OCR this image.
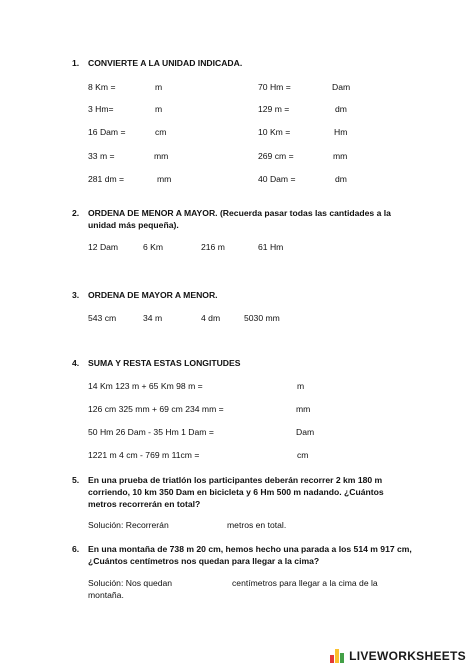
1. CONVIERTE A LA UNIDAD INDICADA.
8 Km =	m	70 Hm =	Dam
3 Hm=	m	129 m =	dm
16 Dam =	cm	10 Km =	Hm
33 m =	mm	269 cm =	mm
281 dm =	mm	40 Dam =	dm
2. ORDENA DE MENOR A MAYOR. (Recuerda pasar todas las cantidades a la
unidad más pequeña).
12 Dam	6 Km	216 m	61 Hm
3. ORDENA DE MAYOR A MENOR.
543 cm	34 m	4 dm	5030 mm
4. SUMA Y RESTA ESTAS LONGITUDES
14 Km 123 m + 65 Km 98 m =	m
126 cm 325 mm + 69 cm 234 mm =	mm
50 Hm 26 Dam - 35 Hm 1 Dam =	Dam
1221 m 4 cm - 769 m 11cm =	cm
5. En una prueba de triatlón los participantes deberán recorrer 2 km 180 m
corriendo, 10 km 350 Dam en bicicleta y 6 Hm 500 m nadando. ¿Cuántos
metros recorrerán en total?
Solución: Recorrerán	metros en total.
6. En una montaña de 738 m 20 cm, hemos hecho una parada a los 514 m 917 cm,
¿Cuántos centímetros nos quedan para llegar a la cima?
Solución: Nos quedan	centímetros para llegar a la cima de la
montaña.
LIVEWORKSHEETS
